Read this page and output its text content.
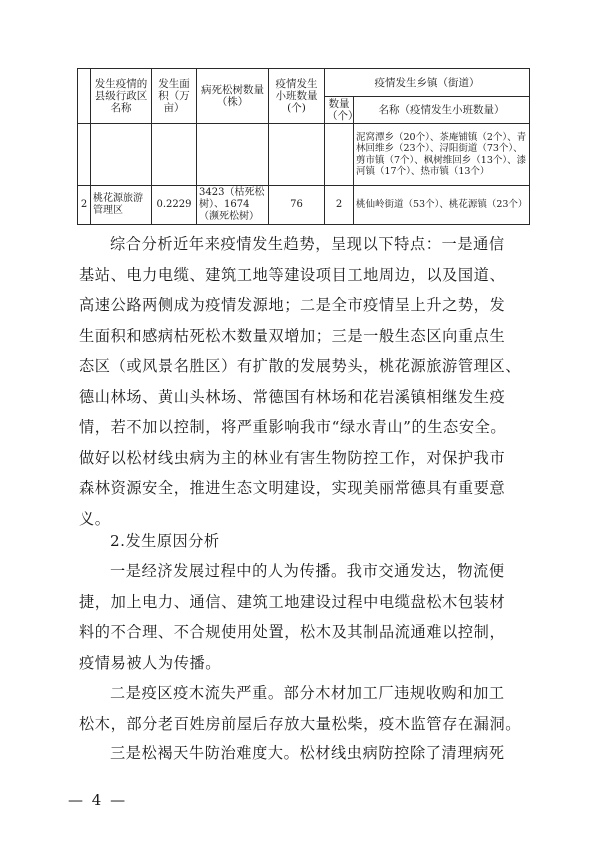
	发生疫情的县级行政区名称	发生面积（万亩）	病死松树数量（株）	疫情发生小班数量(个)	疫情发生乡镇（街道）	
					数量（个）	名称（疫情发生小班数量）
						泥窝潭乡（20个）、茶庵铺镇（2个）、青林回维乡（23个）、浔阳街道（73个）、剪市镇（7个）、枫树维回乡（13个）、漆河镇（17个）、热市镇（13个）
2	桃花源旅游管理区	0.2229	3423（枯死松树）、1674（濒死松树）	76	2	桃仙岭街道（53个）、桃花源镇（23个）
综合分析近年来疫情发生趋势，呈现以下特点：一是通信
基站、电力电缆、建筑工地等建设项目工地周边，以及国道、
高速公路两侧成为疫情发源地；二是全市疫情呈上升之势，发
生面积和感病枯死松木数量双增加；三是一般生态区向重点生
态区（或风景名胜区）有扩散的发展势头，桃花源旅游管理区、
德山林场、黄山头林场、常德国有林场和花岩溪镇相继发生疫
情，若不加以控制，将严重影响我市“绿水青山”的生态安全。
做好以松材线虫病为主的林业有害生物防控工作，对保护我市
森林资源安全，推进生态文明建设，实现美丽常德具有重要意
义。
2.发生原因分析
一是经济发展过程中的人为传播。我市交通发达，物流便
捷，加上电力、通信、建筑工地建设过程中电缆盘松木包装材
料的不合理、不合规使用处置，松木及其制品流通难以控制，
疫情易被人为传播。
二是疫区疫木流失严重。部分木材加工厂违规收购和加工
松木，部分老百姓房前屋后存放大量松柴，疫木监管存在漏洞。
三是松褐天牛防治难度大。松材线虫病防控除了清理病死
— 4 —
